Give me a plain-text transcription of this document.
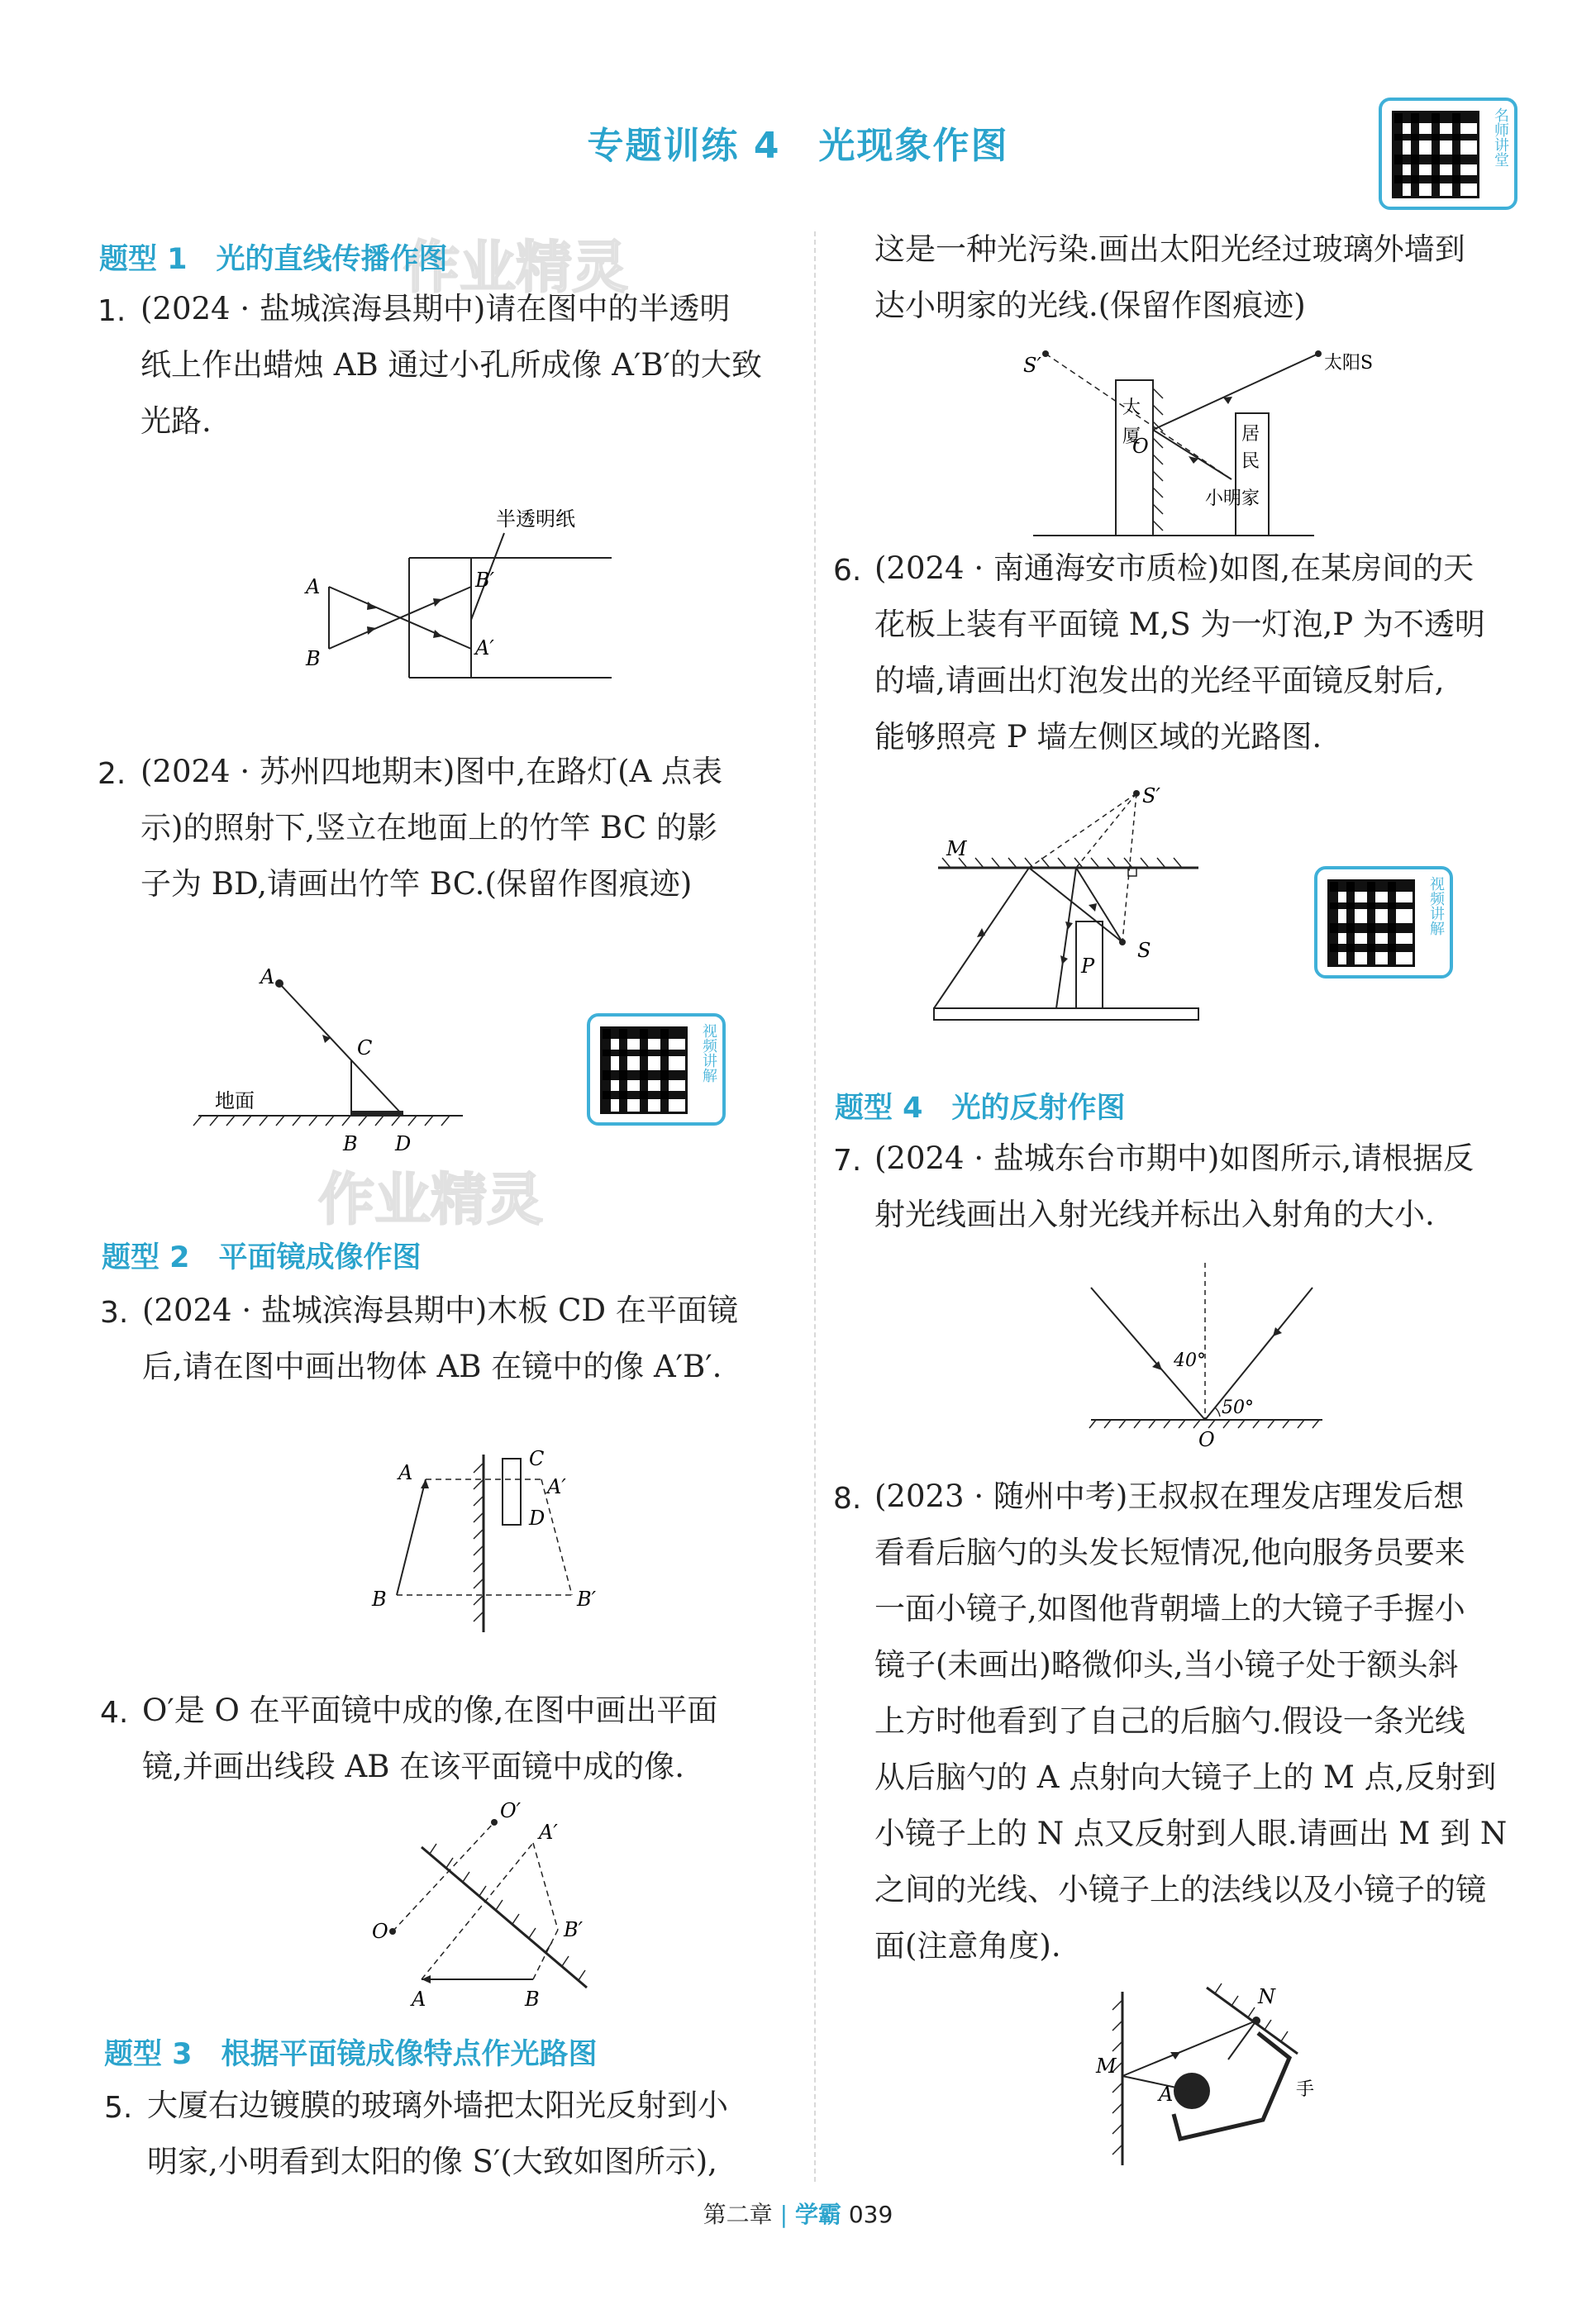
专题训练 4　光现象作图	名师讲堂
作业精灵
作业精灵
题型 1　光的直线传播作图
1. (2024 · 盐城滨海县期中)请在图中的半透明
纸上作出蜡烛 AB 通过小孔所成像 A′B′的大致
光路.
半透明纸
A
B
B′
A′
2. (2024 · 苏州四地期末)图中,在路灯(A 点表
示)的照射下,竖立在地面上的竹竿 BC 的影
子为 BD,请画出竹竿 BC.(保留作图痕迹)
A
C
B D
地面
视频讲解
题型 2　平面镜成像作图
3. (2024 · 盐城滨海县期中)木板 CD 在平面镜
后,请在图中画出物体 AB 在镜中的像 A′B′.
A
B
C
D
A′
B′
4. O′是 O 在平面镜中成的像,在图中画出平面
镜,并画出线段 AB 在该平面镜中成的像.
O
O′
A′
B′
A	B
题型 3　根据平面镜成像特点作光路图
5. 大厦右边镀膜的玻璃外墙把太阳光反射到小
明家,小明看到太阳的像 S′(大致如图所示),
这是一种光污染.画出太阳光经过玻璃外墙到
达小明家的光线.(保留作图痕迹)
S′	太阳S
大
厦
O
居
民
小明家
6. (2024 · 南通海安市质检)如图,在某房间的天
花板上装有平面镜 M,S 为一灯泡,P 为不透明
的墙,请画出灯泡发出的光经平面镜反射后,
能够照亮 P 墙左侧区域的光路图.
M
S′
S
P
视频讲解
题型 4　光的反射作图
7. (2024 · 盐城东台市期中)如图所示,请根据反
射光线画出入射光线并标出入射角的大小.
40°
50°
O
8. (2023 · 随州中考)王叔叔在理发店理发后想
看看后脑勺的头发长短情况,他向服务员要来
一面小镜子,如图他背朝墙上的大镜子手握小
镜子(未画出)略微仰头,当小镜子处于额头斜
上方时他看到了自己的后脑勺.假设一条光线
从后脑勺的 A 点射向大镜子上的 M 点,反射到
小镜子上的 N 点又反射到人眼.请画出 M 到 N
之间的光线、小镜子上的法线以及小镜子的镜
面(注意角度).
M
N
A	手
第二章 | 学霸 039
